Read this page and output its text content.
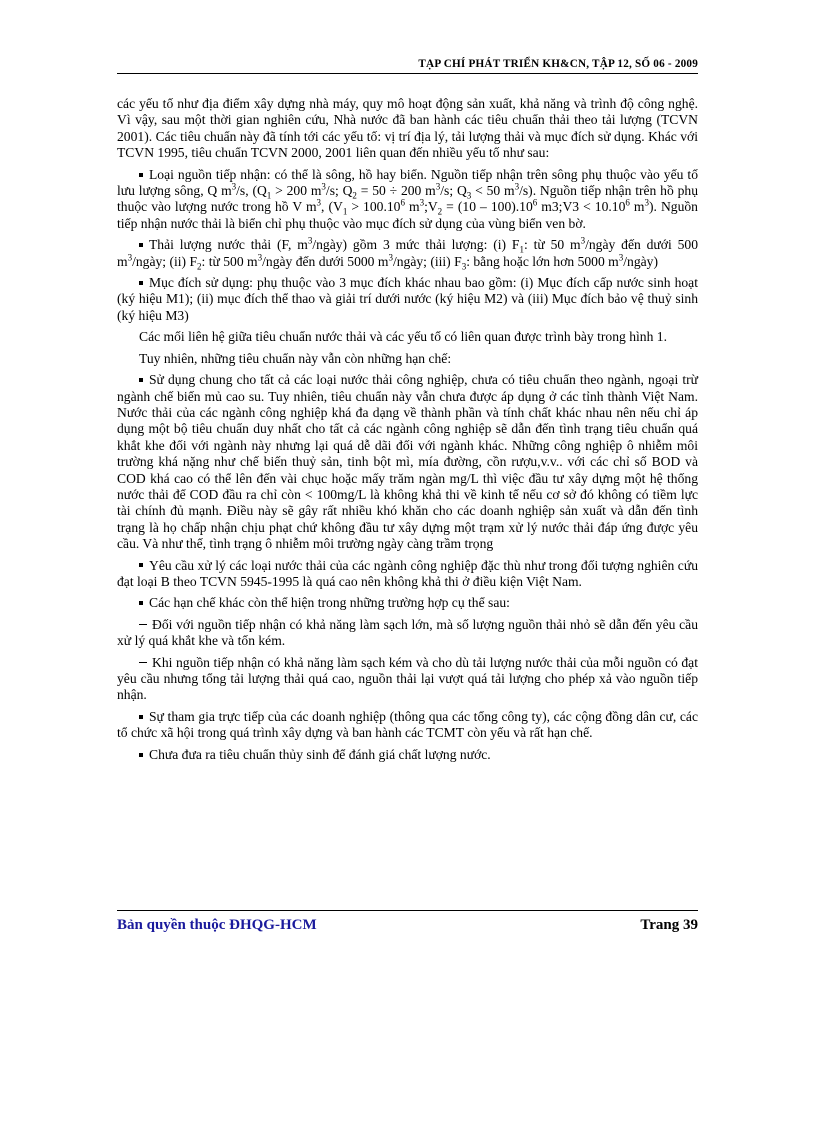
TẠP CHÍ PHÁT TRIỂN KH&CN, TẬP 12, SỐ 06 - 2009

các yếu tố như địa điểm xây dựng nhà máy, quy mô hoạt động sản xuất, khả năng và trình độ công nghệ. Vì vậy, sau một thời gian nghiên cứu, Nhà nước đã ban hành các tiêu chuẩn thải theo tải lượng (TCVN 2001). Các tiêu chuẩn này đã tính tới các yếu tố: vị trí địa lý, tải lượng thải và mục đích sử dụng. Khác với TCVN 1995, tiêu chuẩn TCVN 2000, 2001 liên quan đến nhiều yếu tố như sau:

Loại nguồn tiếp nhận: có thể là sông, hồ hay biển. Nguồn tiếp nhận trên sông phụ thuộc vào yếu tố lưu lượng sông, Q $m^3/s$, ($Q_1 > 200$ $m^3/s$; $Q_2 = 50 \div 200$ $m^3/s$; $Q_3 < 50$ $m^3/s$). Nguồn tiếp nhận trên hồ phụ thuộc vào lượng nước trong hồ V $m^3$, ($V_1 > 100.10^6$ $m^3;V_2 = (10 - 100).10^6$ m3;V3 < $10.10^6$ $m^3$). Nguồn tiếp nhận nước thải là biển chỉ phụ thuộc vào mục đích sử dụng của vùng biển ven bờ.

Thải lượng nước thải (F, $m^3/ngày$) gồm 3 mức thải lượng: (i) $F_1$: từ 50 $m^3$/ngày đến dưới 500 $m^3$/ngày; (ii) $F_2$: từ 500 $m^3$/ngày đến dưới 5000 $m^3$/ngày; (iii) $F_3$: bằng hoặc lớn hơn 5000 $m^3/ngày$)

Mục đích sử dụng: phụ thuộc vào 3 mục đích khác nhau bao gồm: (i) Mục đích cấp nước sinh hoạt (ký hiệu M1); (ii) mục đích thể thao và giải trí dưới nước (ký hiệu M2) và (iii) Mục đích bảo vệ thuỷ sinh (ký hiệu M3)

Các mối liên hệ giữa tiêu chuẩn nước thải và các yếu tố có liên quan được trình bày trong hình 1.

Tuy nhiên, những tiêu chuẩn này vẫn còn những hạn chế:

Sử dụng chung cho tất cả các loại nước thải công nghiệp, chưa có tiêu chuẩn theo ngành, ngoại trừ ngành chế biến mủ cao su. Tuy nhiên, tiêu chuẩn này vẫn chưa được áp dụng ở các tỉnh thành Việt Nam. Nước thải của các ngành công nghiệp khá đa dạng về thành phần và tính chất khác nhau nên nếu chỉ áp dụng một bộ tiêu chuẩn duy nhất cho tất cả các ngành công nghiệp sẽ dẫn đến tình trạng tiêu chuẩn quá khắt khe đối với ngành này nhưng lại quá dễ dãi đối với ngành khác. Những công nghiệp ô nhiễm môi trường khá nặng như chế biến thuỷ sản, tinh bột mì, mía đường, cồn rượu,v.v.. với các chỉ số BOD và COD khá cao có thể lên đến vài chục hoặc mấy trăm ngàn mg/L thì việc đầu tư xây dựng một hệ thống nước thải để COD đầu ra chỉ còn < 100mg/L là không khả thi về kinh tế nếu cơ sở đó không có tiềm lực tài chính đủ mạnh. Điều này sẽ gây rất nhiều khó khăn cho các doanh nghiệp sản xuất và dẫn đến tình trạng là họ chấp nhận chịu phạt chứ không đầu tư xây dựng một trạm xử lý nước thải đáp ứng được yêu cầu. Và như thế, tình trạng ô nhiễm môi trường ngày càng trầm trọng

Yêu cầu xử lý các loại nước thải của các ngành công nghiệp đặc thù như trong đối tượng nghiên cứu đạt loại B theo TCVN 5945-1995 là quá cao nên không khả thi ở điều kiện Việt Nam.

Các hạn chế khác còn thể hiện trong những trường hợp cụ thể sau:

Đối với nguồn tiếp nhận có khả năng làm sạch lớn, mà số lượng nguồn thải nhỏ sẽ dẫn đến yêu cầu xử lý quá khắt khe và tốn kém.

Khi nguồn tiếp nhận có khả năng làm sạch kém và cho dù tải lượng nước thải của mỗi nguồn có đạt yêu cầu nhưng tổng tải lượng thải quá cao, nguồn thải lại vượt quá tải lượng cho phép xả vào nguồn tiếp nhận.

Sự tham gia trực tiếp của các doanh nghiệp (thông qua các tổng công ty), các cộng đồng dân cư, các tổ chức xã hội trong quá trình xây dựng và ban hành các TCMT còn yếu và rất hạn chế.

Chưa đưa ra tiêu chuẩn thủy sinh để đánh giá chất lượng nước.

Bản quyền thuộc ĐHQG-HCM	Trang 39
